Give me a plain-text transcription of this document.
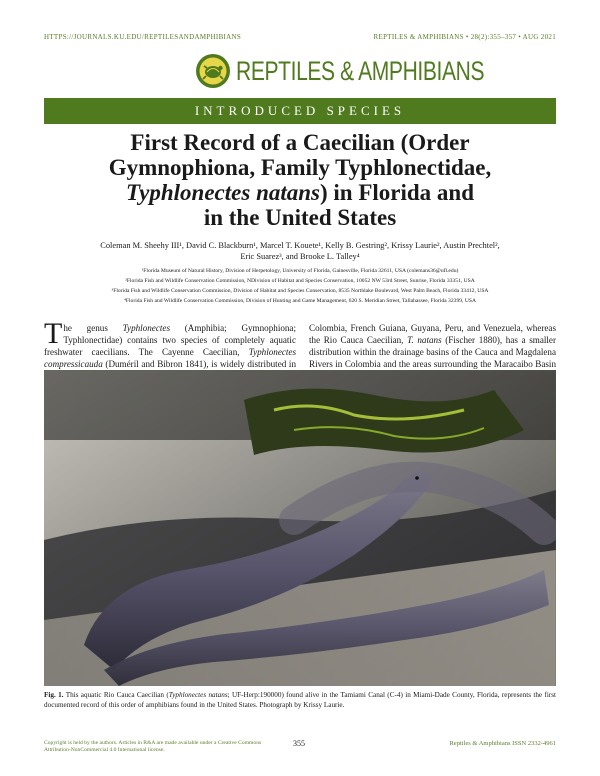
HTTPS://JOURNALS.KU.EDU/REPTILESANDAMPHIBIANS	REPTILES & AMPHIBIANS • 28(2):355–357 • AUG 2021
REPTILES & AMPHIBIANS
INTRODUCED SPECIES
First Record of a Caecilian (Order
Gymnophiona, Family Typhlonectidae,
Typhlonectes natans) in Florida and
in the United States
Coleman M. Sheehy III¹, David C. Blackburn¹, Marcel T. Kouete¹, Kelly B. Gestring², Krissy Laurie², Austin Prechtel²,
Eric Suarez³, and Brooke L. Talley⁴
¹Florida Museum of Natural History, Division of Herpetology, University of Florida, Gainesville, Florida 32611, USA (colemans36@ufl.edu)
²Florida Fish and Wildlife Conservation Commission, NDivision of Habitat and Species Conservation, 10052 NW 53rd Street, Sunrise, Florida 33351, USA
³Florida Fish and Wildlife Conservation Commission, Division of Habitat and Species Conservation, 8535 Northlake Boulevard, West Palm Beach, Florida 33412, USA
⁴Florida Fish and Wildlife Conservation Commission, Division of Hunting and Game Management, 620 S. Meridian Street, Tallahassee, Florida 32399, USA
The genus Typhlonectes (Amphibia; Gymnophiona; Typhlonectidae) contains two species of completely aquatic freshwater caecilians. The Cayenne Caecilian, Typhlonectes compressicauda (Duméril and Bibron 1841), is widely distributed in
Colombia, French Guiana, Guyana, Peru, and Venezuela, whereas the Rio Cauca Caecilian, T. natans (Fischer 1880), has a smaller distribution within the drainage basins of the Cauca and Magdalena Rivers in Colombia and the areas surrounding the Maracaibo Basin
Fig. 1. This aquatic Rio Cauca Caecilian (Typhlonectes natans; UF-Herp:190000) found alive in the Tamiami Canal (C-4) in Miami-Dade County, Florida, represents the first documented record of this order of amphibians found in the United States. Photograph by Krissy Laurie.
Copyright is held by the authors. Articles in R&A are made available under a Creative Commons Attribution-NonCommercial 4.0 International license.
355	Reptiles & Amphibians ISSN 2332-4961
